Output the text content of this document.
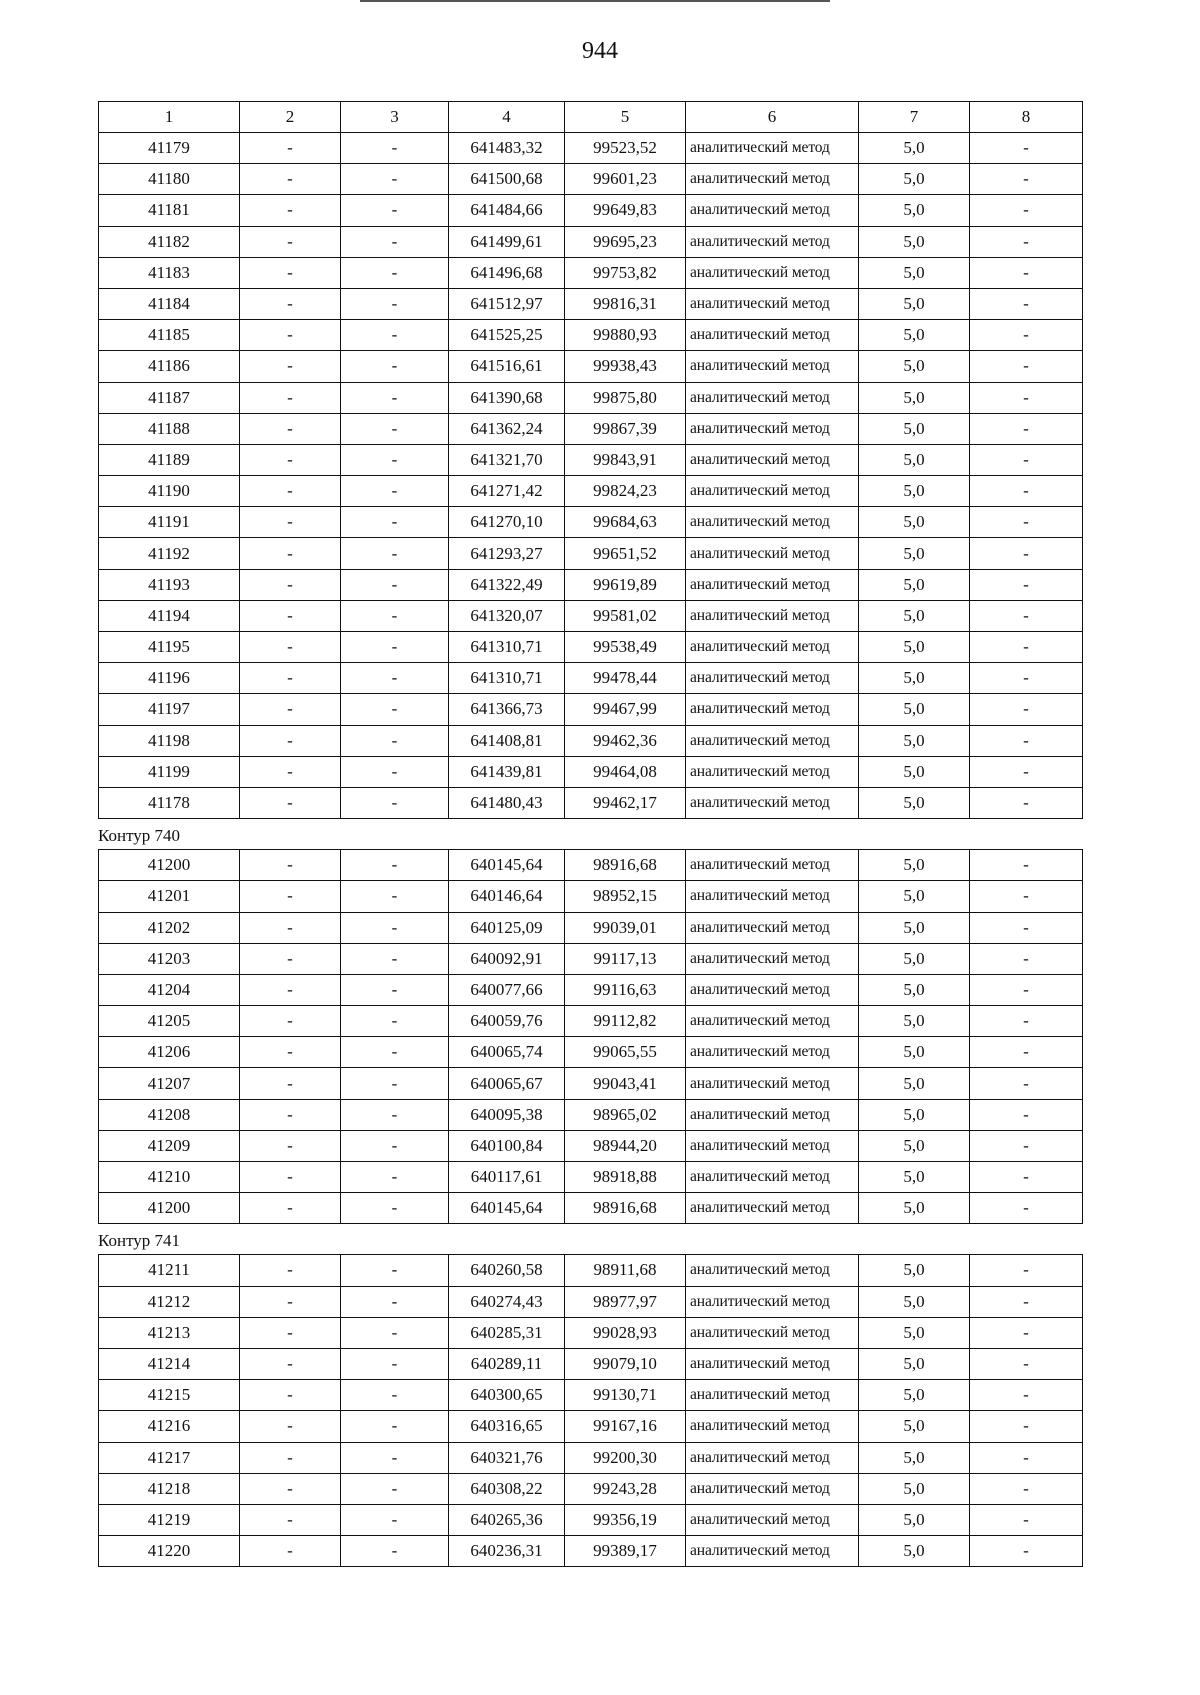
944
1	2	3	4	5	6	7	8
41179	-	-	641483,32	99523,52	аналитический метод	5,0	-
41180	-	-	641500,68	99601,23	аналитический метод	5,0	-
41181	-	-	641484,66	99649,83	аналитический метод	5,0	-
41182	-	-	641499,61	99695,23	аналитический метод	5,0	-
41183	-	-	641496,68	99753,82	аналитический метод	5,0	-
41184	-	-	641512,97	99816,31	аналитический метод	5,0	-
41185	-	-	641525,25	99880,93	аналитический метод	5,0	-
41186	-	-	641516,61	99938,43	аналитический метод	5,0	-
41187	-	-	641390,68	99875,80	аналитический метод	5,0	-
41188	-	-	641362,24	99867,39	аналитический метод	5,0	-
41189	-	-	641321,70	99843,91	аналитический метод	5,0	-
41190	-	-	641271,42	99824,23	аналитический метод	5,0	-
41191	-	-	641270,10	99684,63	аналитический метод	5,0	-
41192	-	-	641293,27	99651,52	аналитический метод	5,0	-
41193	-	-	641322,49	99619,89	аналитический метод	5,0	-
41194	-	-	641320,07	99581,02	аналитический метод	5,0	-
41195	-	-	641310,71	99538,49	аналитический метод	5,0	-
41196	-	-	641310,71	99478,44	аналитический метод	5,0	-
41197	-	-	641366,73	99467,99	аналитический метод	5,0	-
41198	-	-	641408,81	99462,36	аналитический метод	5,0	-
41199	-	-	641439,81	99464,08	аналитический метод	5,0	-
41178	-	-	641480,43	99462,17	аналитический метод	5,0	-
Контур 740
41200	-	-	640145,64	98916,68	аналитический метод	5,0	-
41201	-	-	640146,64	98952,15	аналитический метод	5,0	-
41202	-	-	640125,09	99039,01	аналитический метод	5,0	-
41203	-	-	640092,91	99117,13	аналитический метод	5,0	-
41204	-	-	640077,66	99116,63	аналитический метод	5,0	-
41205	-	-	640059,76	99112,82	аналитический метод	5,0	-
41206	-	-	640065,74	99065,55	аналитический метод	5,0	-
41207	-	-	640065,67	99043,41	аналитический метод	5,0	-
41208	-	-	640095,38	98965,02	аналитический метод	5,0	-
41209	-	-	640100,84	98944,20	аналитический метод	5,0	-
41210	-	-	640117,61	98918,88	аналитический метод	5,0	-
41200	-	-	640145,64	98916,68	аналитический метод	5,0	-
Контур 741
41211	-	-	640260,58	98911,68	аналитический метод	5,0	-
41212	-	-	640274,43	98977,97	аналитический метод	5,0	-
41213	-	-	640285,31	99028,93	аналитический метод	5,0	-
41214	-	-	640289,11	99079,10	аналитический метод	5,0	-
41215	-	-	640300,65	99130,71	аналитический метод	5,0	-
41216	-	-	640316,65	99167,16	аналитический метод	5,0	-
41217	-	-	640321,76	99200,30	аналитический метод	5,0	-
41218	-	-	640308,22	99243,28	аналитический метод	5,0	-
41219	-	-	640265,36	99356,19	аналитический метод	5,0	-
41220	-	-	640236,31	99389,17	аналитический метод	5,0	-
